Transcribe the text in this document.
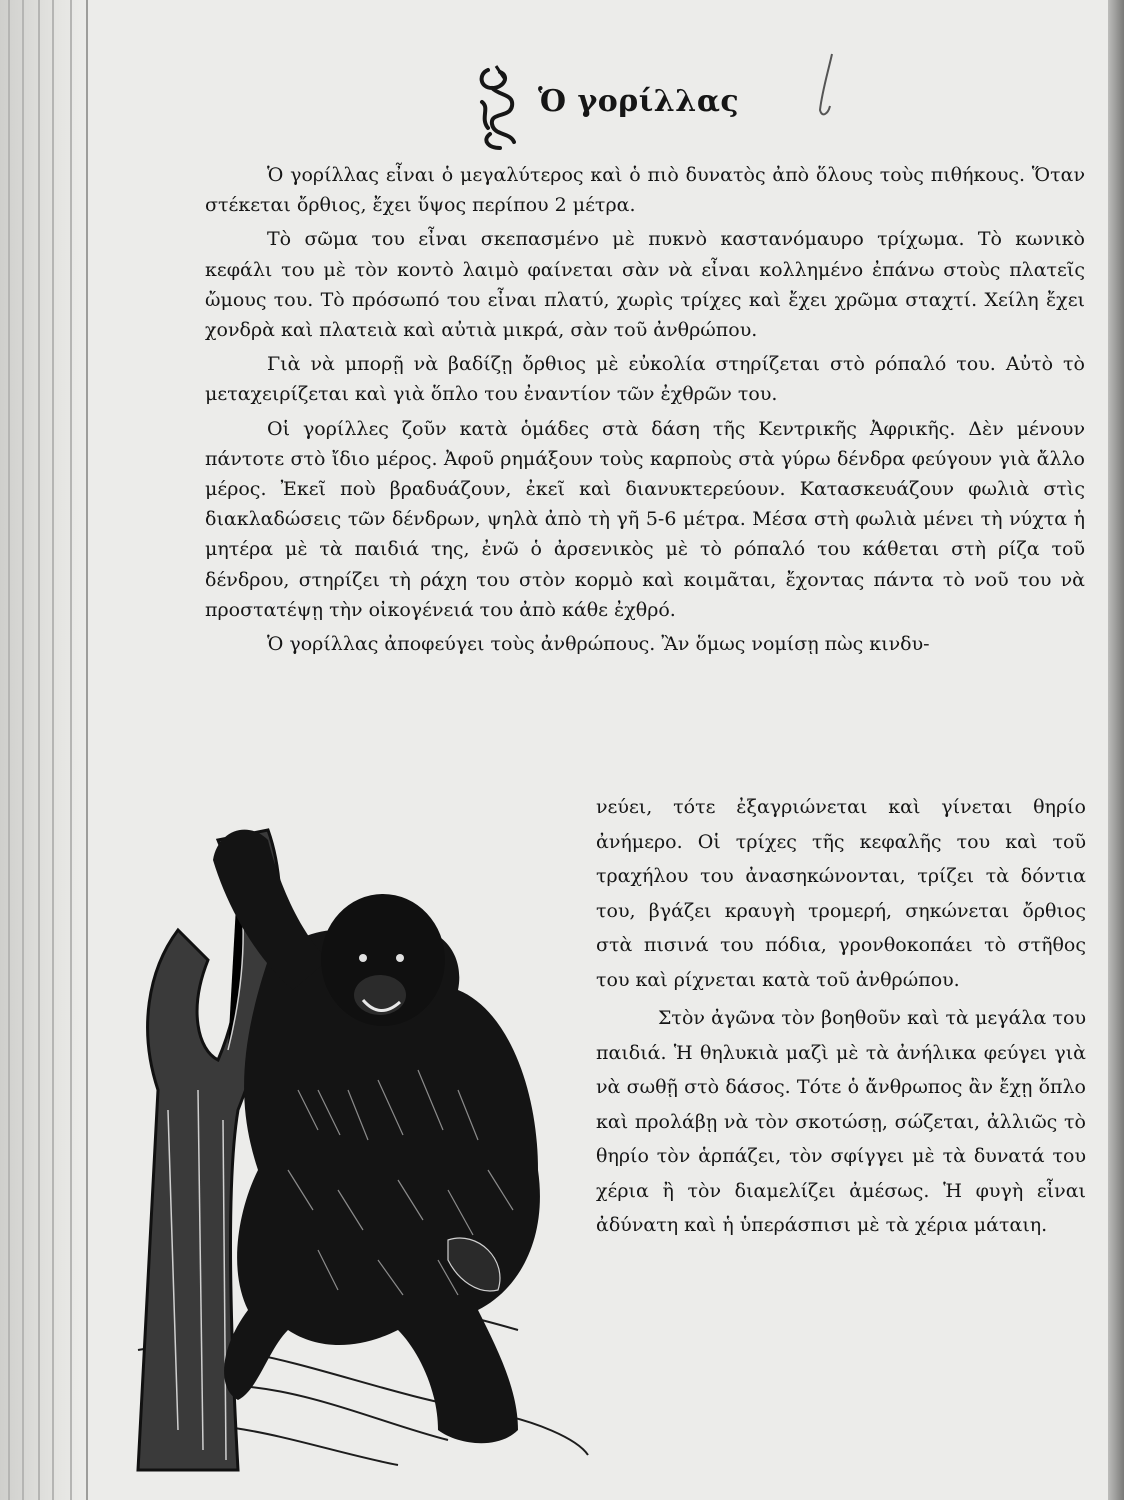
Ὁ γορίλλας

Ὁ γορίλλας εἶναι ὁ μεγαλύτερος καὶ ὁ πιὸ δυνατὸς ἀπὸ ὅλους τοὺς πιθήκους. Ὅταν στέκεται ὄρθιος, ἔχει ὕψος περίπου 2 μέτρα.

Τὸ σῶμα του εἶναι σκεπασμένο μὲ πυκνὸ καστανόμαυρο τρίχωμα. Τὸ κωνικὸ κεφάλι του μὲ τὸν κοντὸ λαιμὸ φαίνεται σὰν νὰ εἶναι κολλημένο ἐπάνω στοὺς πλατεῖς ὤμους του. Τὸ πρόσωπό του εἶναι πλατύ, χωρὶς τρίχες καὶ ἔχει χρῶμα σταχτί. Χείλη ἔχει χονδρὰ καὶ πλατειὰ καὶ αὐτιὰ μικρά, σὰν τοῦ ἀνθρώπου.

Γιὰ νὰ μπορῇ νὰ βαδίζῃ ὄρθιος μὲ εὐκολία στηρίζεται στὸ ρόπαλό του. Αὐτὸ τὸ μεταχειρίζεται καὶ γιὰ ὅπλο του ἐναντίον τῶν ἐχθρῶν του.

Οἱ γορίλλες ζοῦν κατὰ ὁμάδες στὰ δάση τῆς Κεντρικῆς Ἀφρικῆς. Δὲν μένουν πάντοτε στὸ ἴδιο μέρος. Ἀφοῦ ρημάξουν τοὺς καρποὺς στὰ γύρω δένδρα φεύγουν γιὰ ἄλλο μέρος. Ἐκεῖ ποὺ βραδυάζουν, ἐκεῖ καὶ διανυκτερεύουν. Κατασκευάζουν φωλιὰ στὶς διακλαδώσεις τῶν δένδρων, ψηλὰ ἀπὸ τὴ γῆ 5-6 μέτρα. Μέσα στὴ φωλιὰ μένει τὴ νύχτα ἡ μητέρα μὲ τὰ παιδιά της, ἐνῶ ὁ ἀρσενικὸς μὲ τὸ ρόπαλό του κάθεται στὴ ρίζα τοῦ δένδρου, στηρίζει τὴ ράχη του στὸν κορμὸ καὶ κοιμᾶται, ἔχοντας πάντα τὸ νοῦ του νὰ προστατέψῃ τὴν οἰκογένειά του ἀπὸ κάθε ἐχθρό.

Ὁ γορίλλας ἀποφεύγει τοὺς ἀνθρώπους. Ἂν ὅμως νομίσῃ πὼς κινδυ-

νεύει, τότε ἐξαγριώνεται καὶ γίνεται θηρίο ἀνήμερο. Οἱ τρίχες τῆς κεφαλῆς του καὶ τοῦ τραχήλου του ἀνασηκώνονται, τρίζει τὰ δόντια του, βγάζει κραυγὴ τρομερή, σηκώνεται ὄρθιος στὰ πισινά του πόδια, γρονθοκοπάει τὸ στῆθος του καὶ ρίχνεται κατὰ τοῦ ἀνθρώπου.

Στὸν ἀγῶνα τὸν βοηθοῦν καὶ τὰ μεγάλα του παιδιά. Ἡ θηλυκιὰ μαζὶ μὲ τὰ ἀνήλικα φεύγει γιὰ νὰ σωθῇ στὸ δάσος. Τότε ὁ ἄνθρωπος ἂν ἔχῃ ὅπλο καὶ προλάβῃ νὰ τὸν σκοτώσῃ, σώζεται, ἀλλιῶς τὸ θηρίο τὸν ἁρπάζει, τὸν σφίγγει μὲ τὰ δυνατά του χέρια ἢ τὸν διαμελίζει ἀμέσως. Ἡ φυγὴ εἶναι ἀδύνατη καὶ ἡ ὑπεράσπισι μὲ τὰ χέρια μάταιη.
